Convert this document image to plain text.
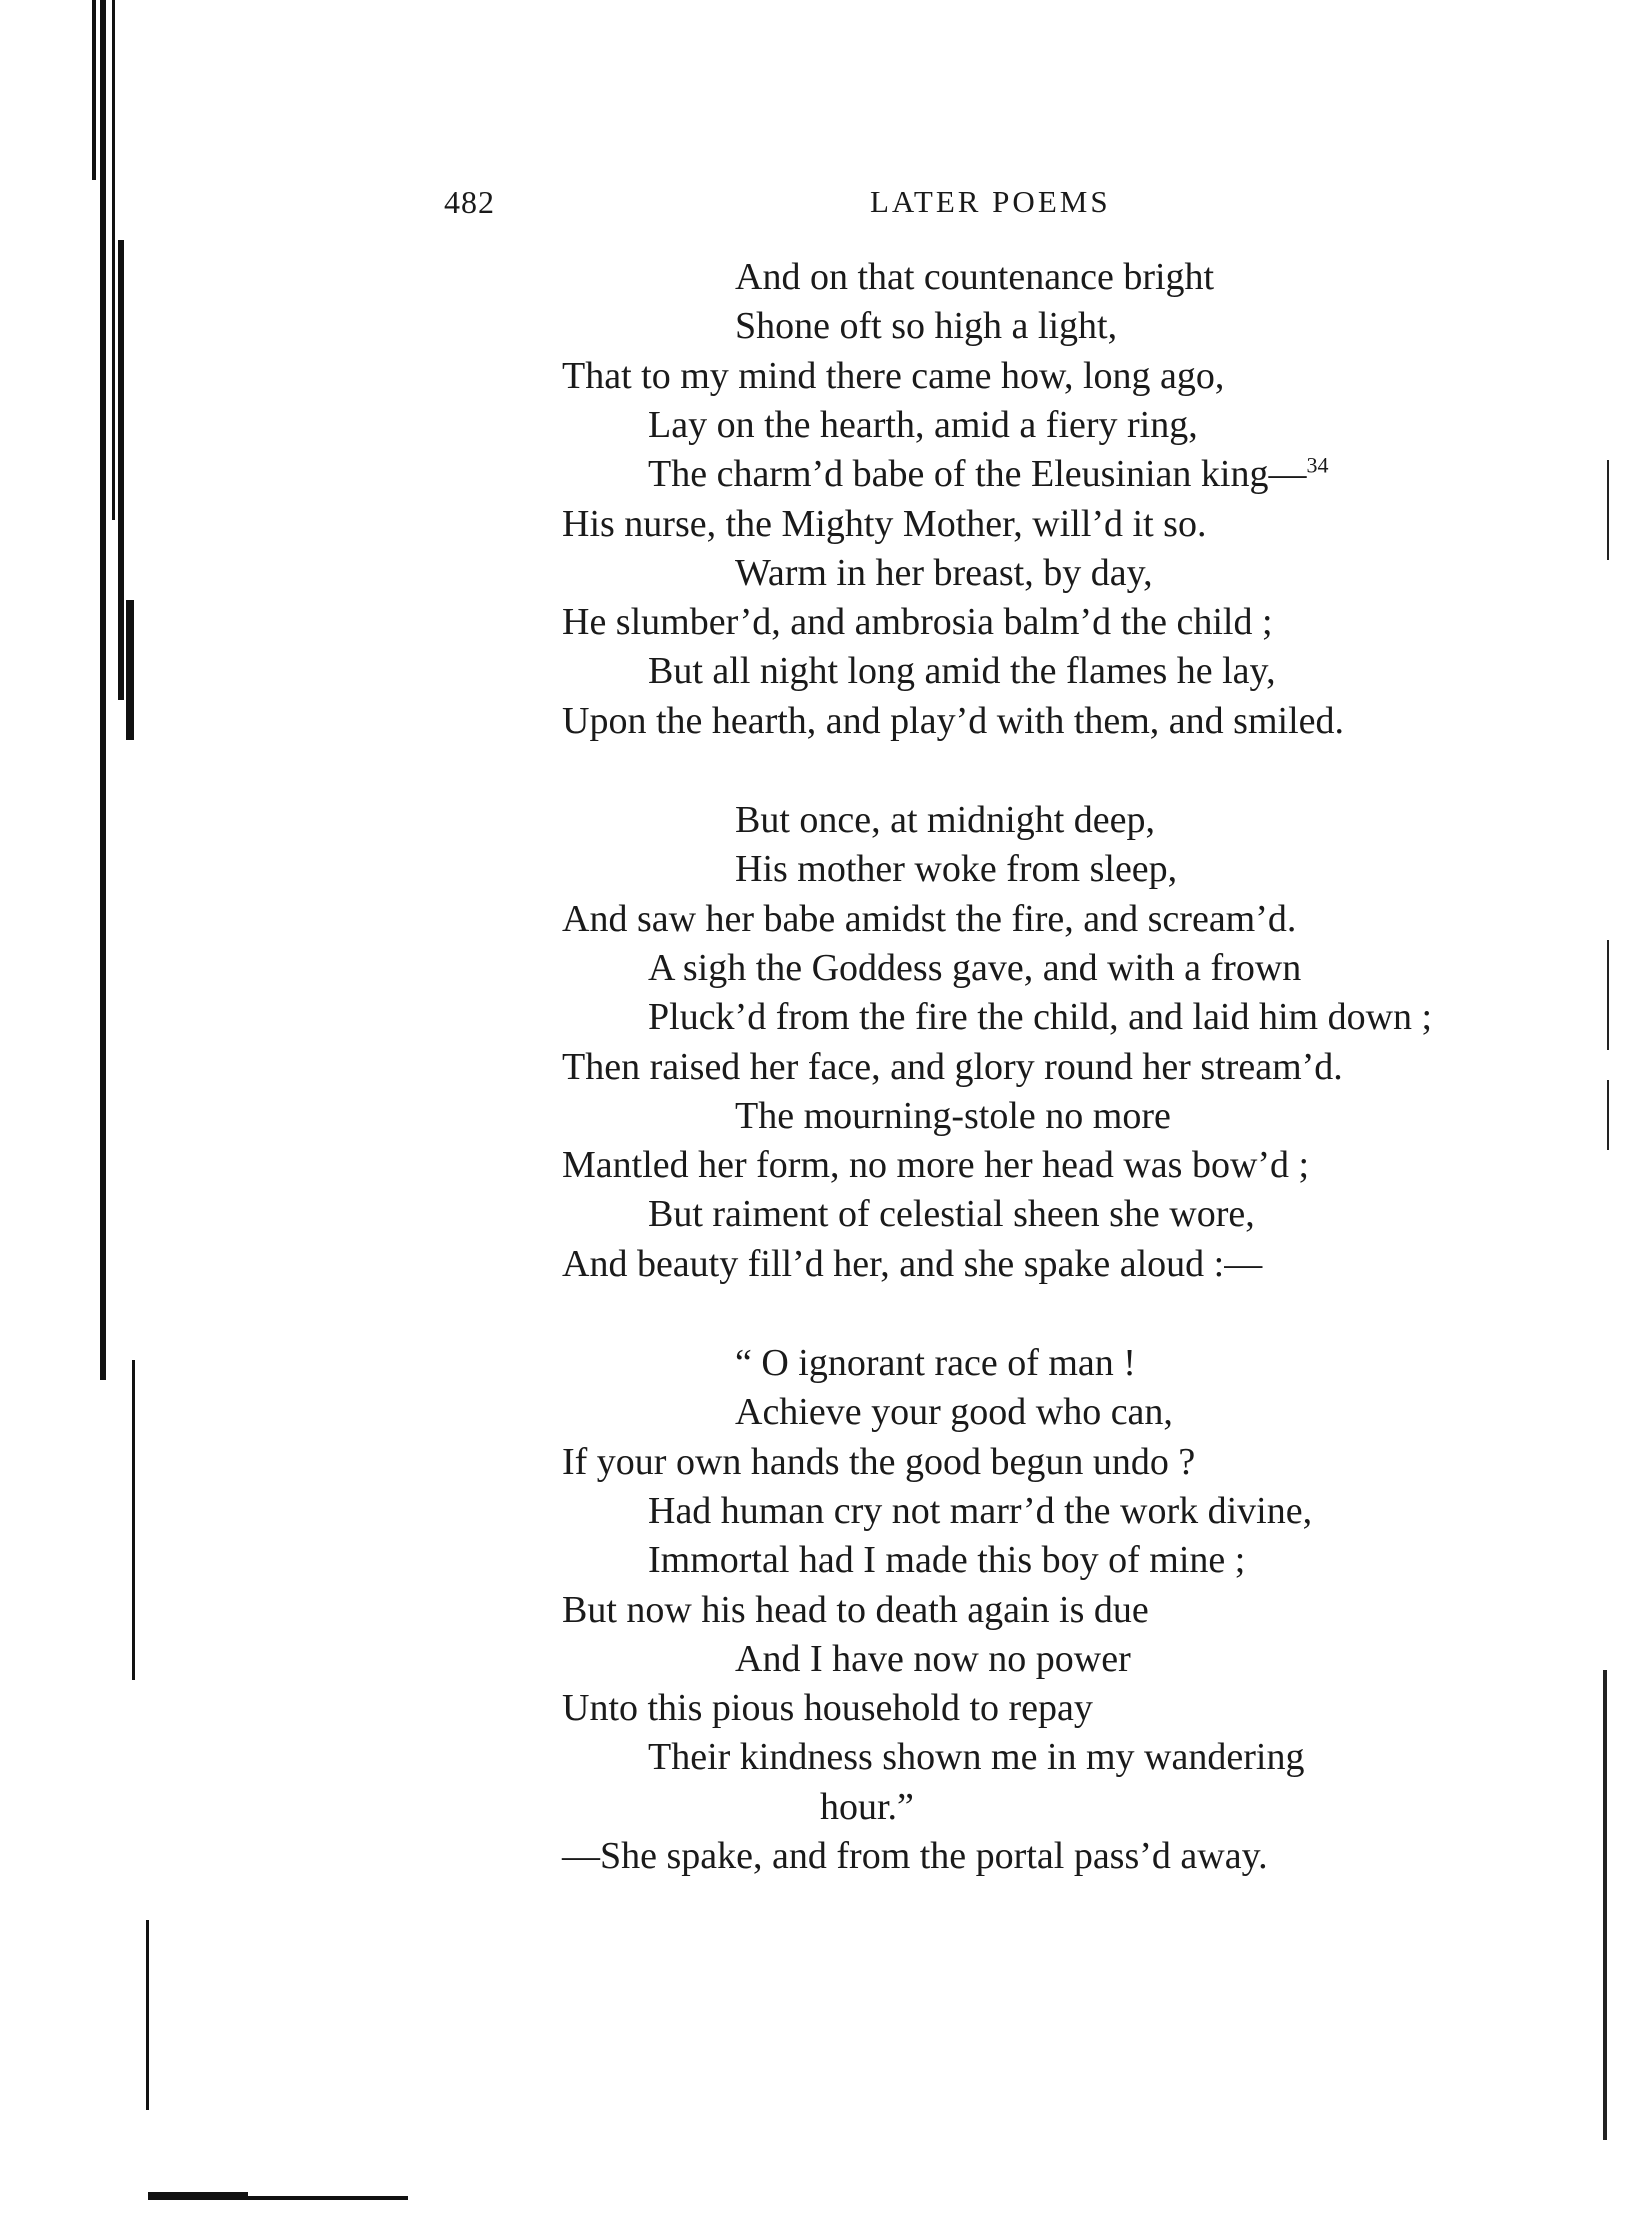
482	LATER POEMS
And on that countenance bright
Shone oft so high a light,
That to my mind there came how, long ago,
Lay on the hearth, amid a fiery ring,
The charm’d babe of the Eleusinian king—$^{34}$
His nurse, the Mighty Mother, will’d it so.
Warm in her breast, by day,
He slumber’d, and ambrosia balm’d the child ;
But all night long amid the flames he lay,
Upon the hearth, and play’d with them, and smiled.
But once, at midnight deep,
His mother woke from sleep,
And saw her babe amidst the fire, and scream’d.
A sigh the Goddess gave, and with a frown
Pluck’d from the fire the child, and laid him down ;
Then raised her face, and glory round her stream’d.
The mourning-stole no more
Mantled her form, no more her head was bow’d ;
But raiment of celestial sheen she wore,
And beauty fill’d her, and she spake aloud :—
“ O ignorant race of man !
Achieve your good who can,
If your own hands the good begun undo ?
Had human cry not marr’d the work divine,
Immortal had I made this boy of mine ;
But now his head to death again is due
And I have now no power
Unto this pious household to repay
Their kindness shown me in my wandering
hour.”
—She spake, and from the portal pass’d away.
